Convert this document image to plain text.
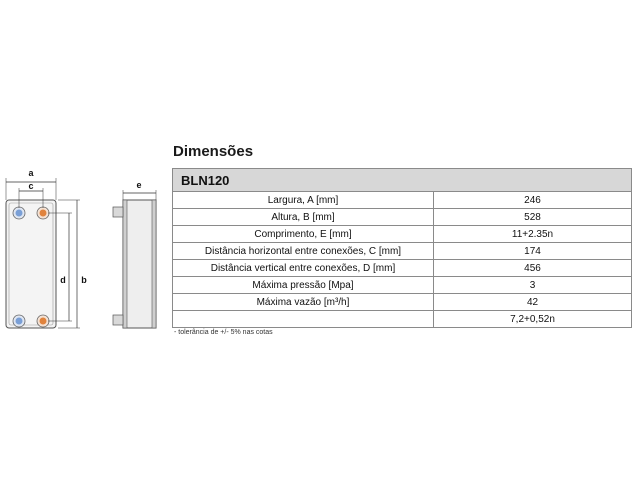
a
c
d b
e
Dimensões
BLN120	
Largura, A [mm]	246
Altura, B [mm]	528
Comprimento, E [mm]	11+2.35n
Distância horizontal entre conexões, C [mm]	174
Distância vertical entre conexões, D [mm]	456
Máxima pressão [Mpa]	3
Máxima vazão [m³/h]	42
	7,2+0,52n
- tolerância de +/- 5% nas cotas
